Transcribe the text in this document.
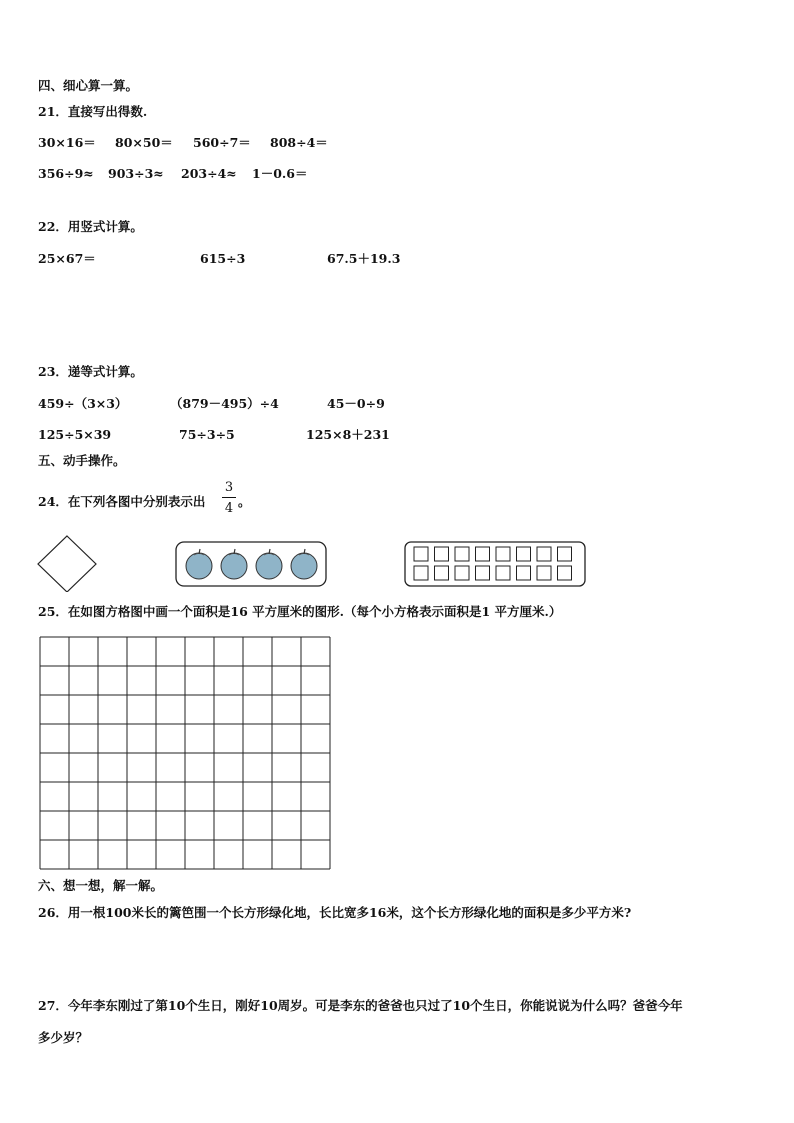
四、细心算一算。
21．直接写出得数.
30×16＝ 80×50＝ 560÷7＝ 808÷4＝
356÷9≈ 903÷3≈ 203÷4≈ 1－0.6＝
22．用竖式计算。
25×67＝	615÷3	67.5＋19.3
23．递等式计算。
459÷（3×3）	（879－495）÷4	45－0÷9
125÷5×39	75÷3÷5	125×8＋231
五、动手操作。
24．在下列各图中分别表示出
3
4 。
25．在如图方格图中画一个面积是16 平方厘米的图形.（每个小方格表示面积是1 平方厘米.）
六、想一想，解一解。
26．用一根100米长的篱笆围一个长方形绿化地，长比宽多16米，这个长方形绿化地的面积是多少平方米?
27．今年李东刚过了第10个生日，刚好10周岁。可是李东的爸爸也只过了10个生日，你能说说为什么吗？爸爸今年
多少岁？
